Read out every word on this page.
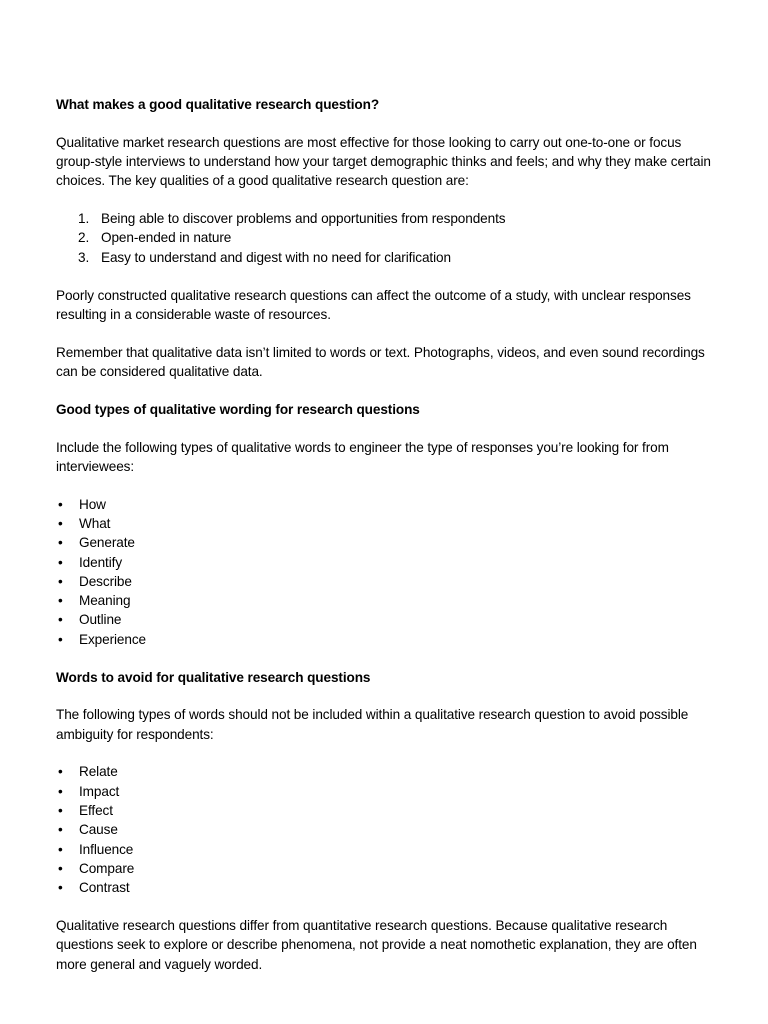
What makes a good qualitative research question?

Qualitative market research questions are most effective for those looking to carry out one-to-one or focus group-style interviews to understand how your target demographic thinks and feels; and why they make certain choices. The key qualities of a good qualitative research question are:

1. Being able to discover problems and opportunities from respondents
2. Open-ended in nature
3. Easy to understand and digest with no need for clarification

Poorly constructed qualitative research questions can affect the outcome of a study, with unclear responses resulting in a considerable waste of resources.

Remember that qualitative data isn’t limited to words or text. Photographs, videos, and even sound recordings can be considered qualitative data.

Good types of qualitative wording for research questions

Include the following types of qualitative words to engineer the type of responses you’re looking for from interviewees:

• How
• What
• Generate
• Identify
• Describe
• Meaning
• Outline
• Experience

Words to avoid for qualitative research questions

The following types of words should not be included within a qualitative research question to avoid possible ambiguity for respondents:

• Relate
• Impact
• Effect
• Cause
• Influence
• Compare
• Contrast

Qualitative research questions differ from quantitative research questions. Because qualitative research questions seek to explore or describe phenomena, not provide a neat nomothetic explanation, they are often more general and vaguely worded.
